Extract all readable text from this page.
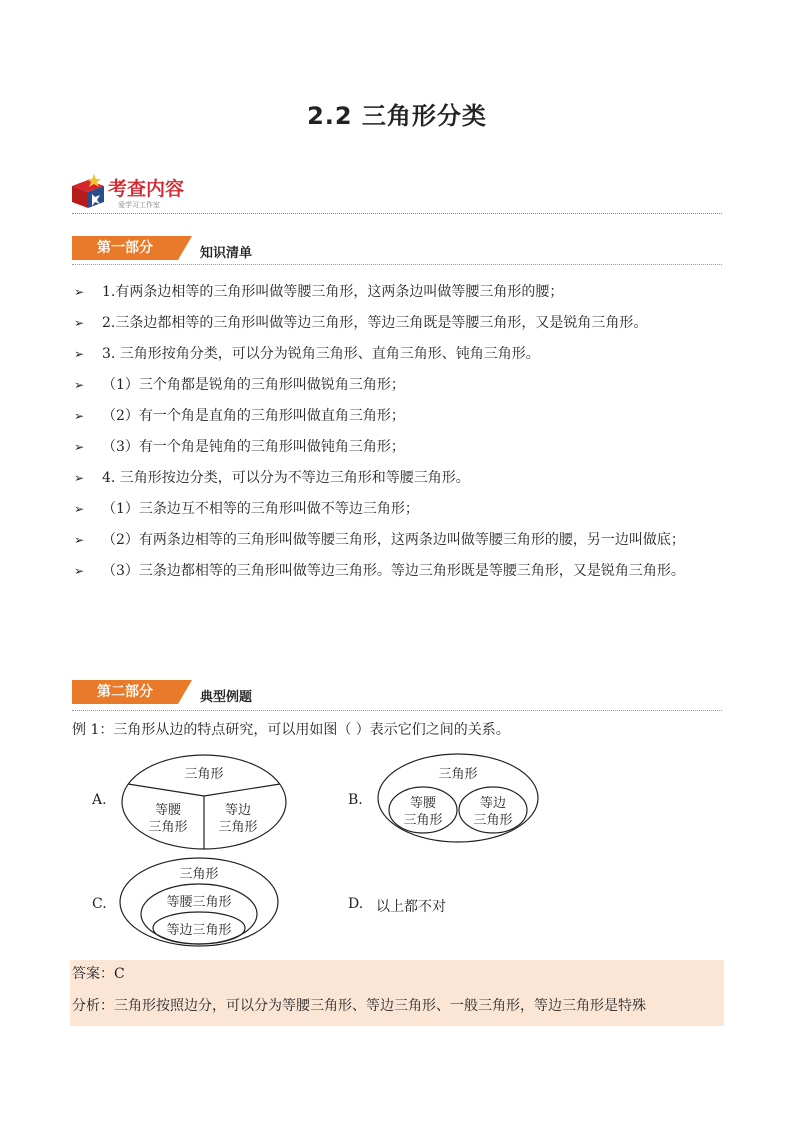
2.2 三角形分类
考查内容
爱学习工作室
第一部分	知识清单
➢ 1.有两条边相等的三角形叫做等腰三角形，这两条边叫做等腰三角形的腰；
➢ 2.三条边都相等的三角形叫做等边三角形，等边三角既是等腰三角形，又是锐角三角形。
➢ 3. 三角形按角分类，可以分为锐角三角形、直角三角形、钝角三角形。
➢ （1）三个角都是锐角的三角形叫做锐角三角形；
➢ （2）有一个角是直角的三角形叫做直角三角形；
➢ （3）有一个角是钝角的三角形叫做钝角三角形；
➢ 4. 三角形按边分类，可以分为不等边三角形和等腰三角形。
➢ （1）三条边互不相等的三角形叫做不等边三角形；
➢ （2）有两条边相等的三角形叫做等腰三角形，这两条边叫做等腰三角形的腰，另一边叫做底；
➢ （3）三条边都相等的三角形叫做等边三角形。等边三角形既是等腰三角形，又是锐角三角形。
第二部分	典型例题
例 1：三角形从边的特点研究，可以用如图（ ）表示它们之间的关系。
A.
三角形
等腰
三角形
等边
三角形
B.
三角形
等腰
三角形
等边
三角形
C.
三角形
等腰三角形
等边三角形
D. 以上都不对
答案：C
分析：三角形按照边分，可以分为等腰三角形、等边三角形、一般三角形，等边三角形是特殊
